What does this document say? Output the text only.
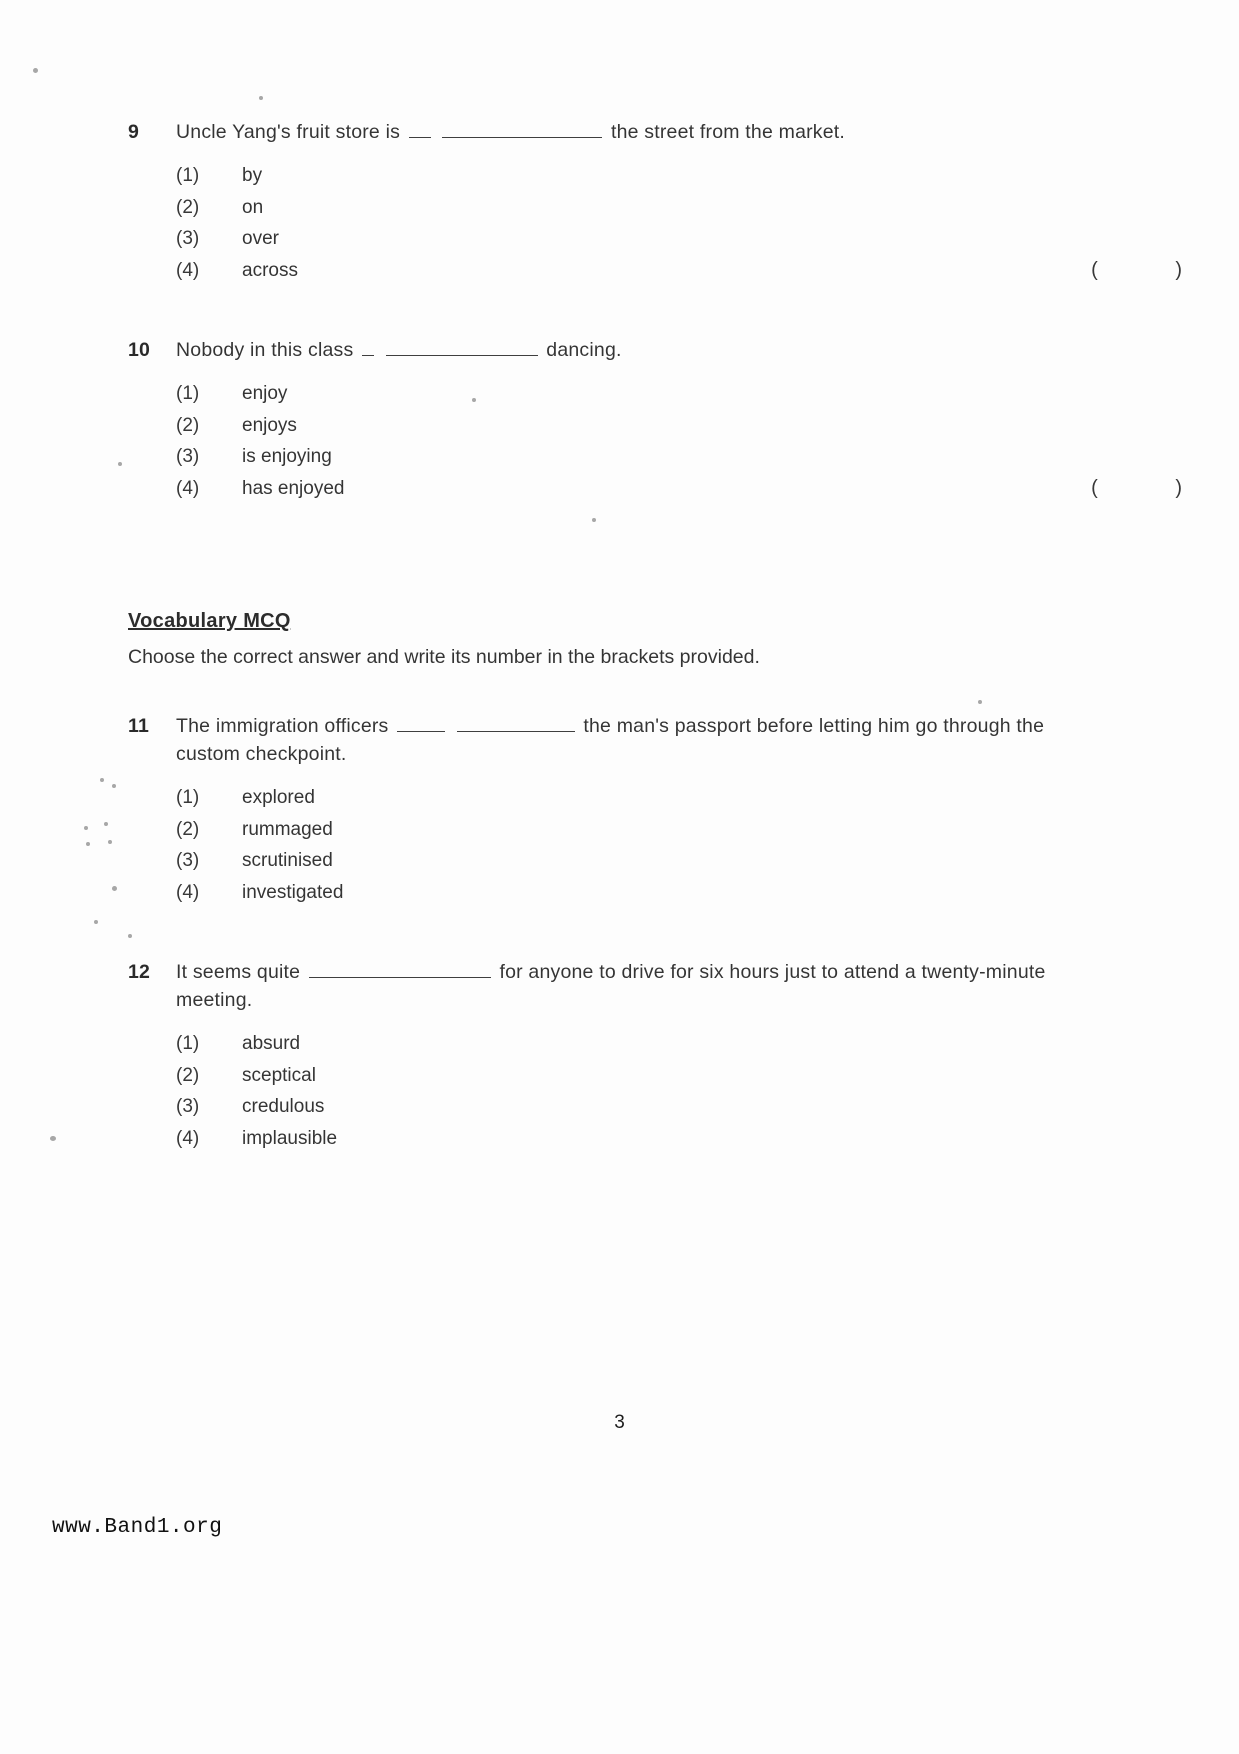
9	Uncle Yang's fruit store is	the street from the market.
(1)	by
(2)	on
(3)	over
(4)	across	(          )
10	Nobody in this class	dancing.
(1)	enjoy
(2)	enjoys
(3)	is enjoying
(4)	has enjoyed	(          )
Vocabulary MCQ
Choose the correct answer and write its number in the brackets provided.
11	The immigration officers	the man's passport before letting him go through the custom checkpoint.
(1)	explored
(2)	rummaged
(3)	scrutinised
(4)	investigated
12	It seems quite	for anyone to drive for six hours just to attend a twenty-minute meeting.
(1)	absurd
(2)	sceptical
(3)	credulous
(4)	implausible
3
www.Band1.org
